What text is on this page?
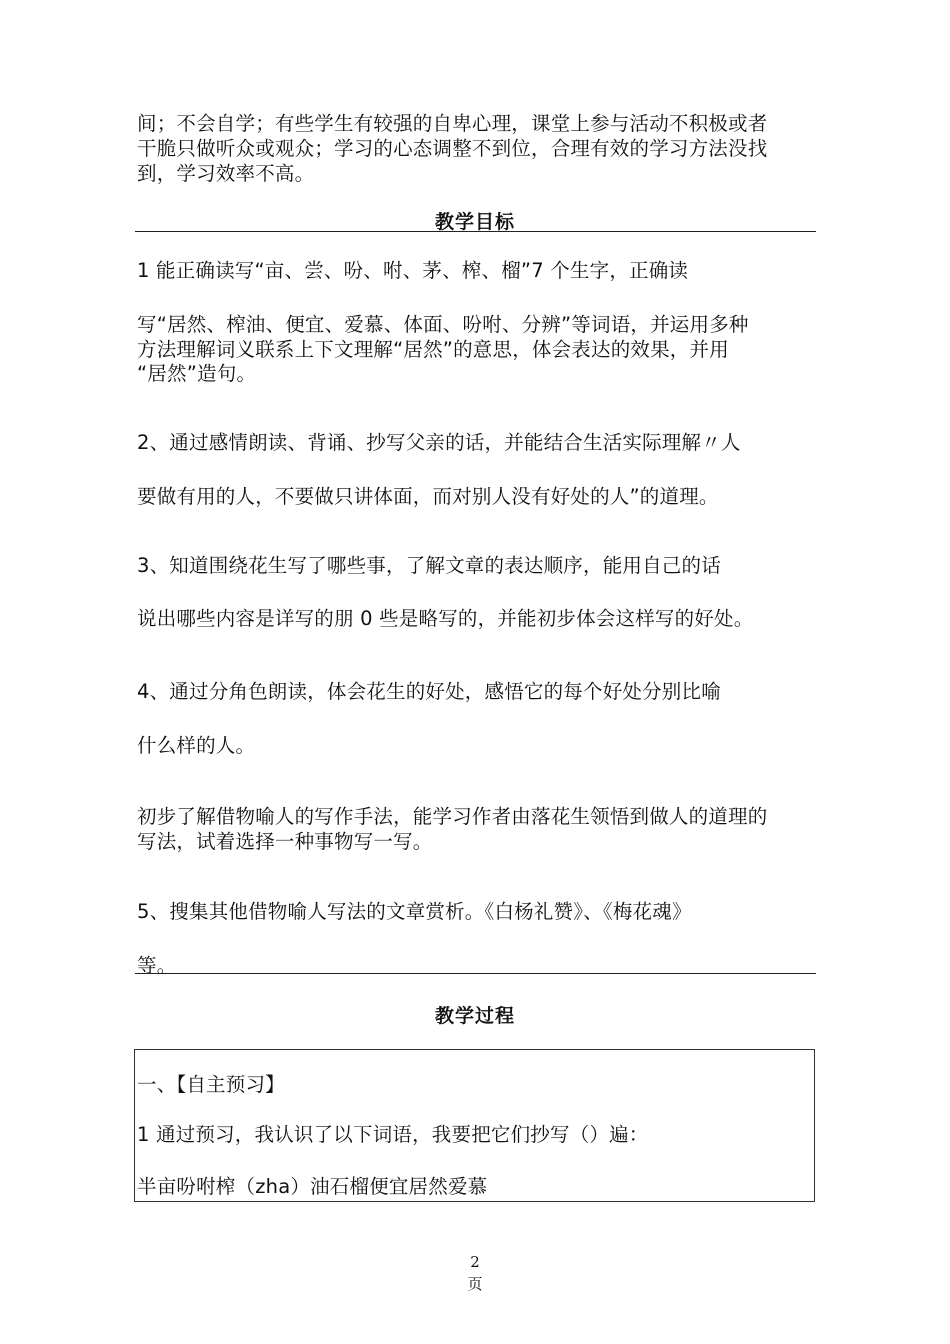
间；不会自学；有些学生有较强的自卑心理，课堂上参与活动不积极或者
干脆只做听众或观众；学习的心态调整不到位，合理有效的学习方法没找
到，学习效率不高。
教学目标
1 能正确读写“亩、尝、吩、咐、茅、榨、榴”7 个生字，正确读
写“居然、榨油、便宜、爱慕、体面、吩咐、分辨”等词语，并运用多种
方法理解词义联系上下文理解“居然”的意思，体会表达的效果，并用
“居然”造句。
2、通过感情朗读、背诵、抄写父亲的话，并能结合生活实际理解〃人
要做有用的人，不要做只讲体面，而对别人没有好处的人”的道理。
3、知道围绕花生写了哪些事，了解文章的表达顺序，能用自己的话
说出哪些内容是详写的朋 0 些是略写的，并能初步体会这样写的好处。
4、通过分角色朗读，体会花生的好处，感悟它的每个好处分别比喻
什么样的人。
初步了解借物喻人的写作手法，能学习作者由落花生领悟到做人的道理的
写法，试着选择一种事物写一写。
5、搜集其他借物喻人写法的文章赏析。《白杨礼赞》、《梅花魂》
等。
教学过程
一、【自主预习】
1 通过预习，我认识了以下词语，我要把它们抄写（）遍：
半亩吩咐榨（zha）油石榴便宜居然爱慕
2
页
